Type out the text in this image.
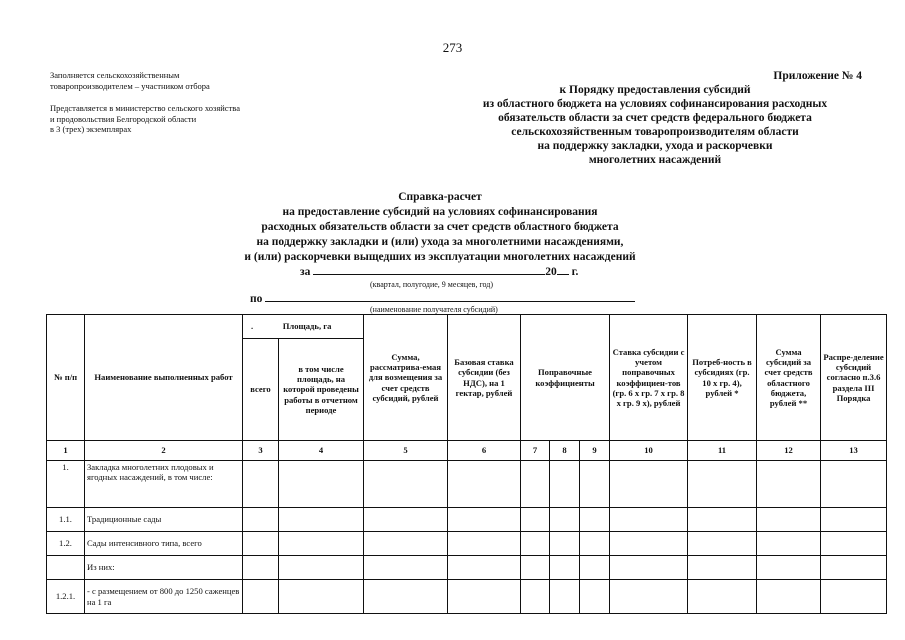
273
Заполняется сельскохозяйственным
товаропроизводителем – участником отбора
Представляется в министерство сельского хозяйства
и продовольствия Белгородской области
в 3 (трех) экземплярах
Приложение № 4
к Порядку предоставления субсидий
из областного бюджета на условиях софинансирования расходных
обязательств области за счет средств федерального бюджета
сельскохозяйственным товаропроизводителям области
на поддержку закладки, ухода и раскорчевки
многолетних насаждений
Справка-расчет
на предоставление субсидий на условиях софинансирования
расходных обязательств области за счет средств областного бюджета
на поддержку закладки и (или) ухода за многолетними насаждениями,
и (или) раскорчевки выщедших из эксплуатации многолетних насаждений
за	20 г.
(квартал, полугодие, 9 месяцев, год)
по
(наименование получателя субсидий)
№ п/п	Наименование выполненных работ	. Площадь, га		Сумма, рассматрива-емая для возмещения за счет средств субсидий, рублей	Базовая ставка субсидии (без НДС), на 1 гектар, рублей	Поправочные коэффициенты			Ставка субсидии с учетом поправочных коэффициен-тов (гр. 6 х гр. 7 х гр. 8 х гр. 9 х), рублей	Потреб-ность в субсидиях (гр. 10 х гр. 4), рублей *	Сумма субсидий за счет средств областного бюджета, рублей **	Распре-деление субсидий согласно п.3.6 раздела III Порядка
		всего	в том числе площадь, на которой проведены работы в отчетном периоде									
1	2	3	4	5	6	7	8	9	10	11	12	13
1.	Закладка многолетних плодовых и ягодных насаждений, в том числе:											
1.1.	Традиционные сады											
1.2.	Сады интенсивного типа, всего											
	Из них:											
1.2.1.	- с размещением от 800 до 1250 саженцев на 1 га											
